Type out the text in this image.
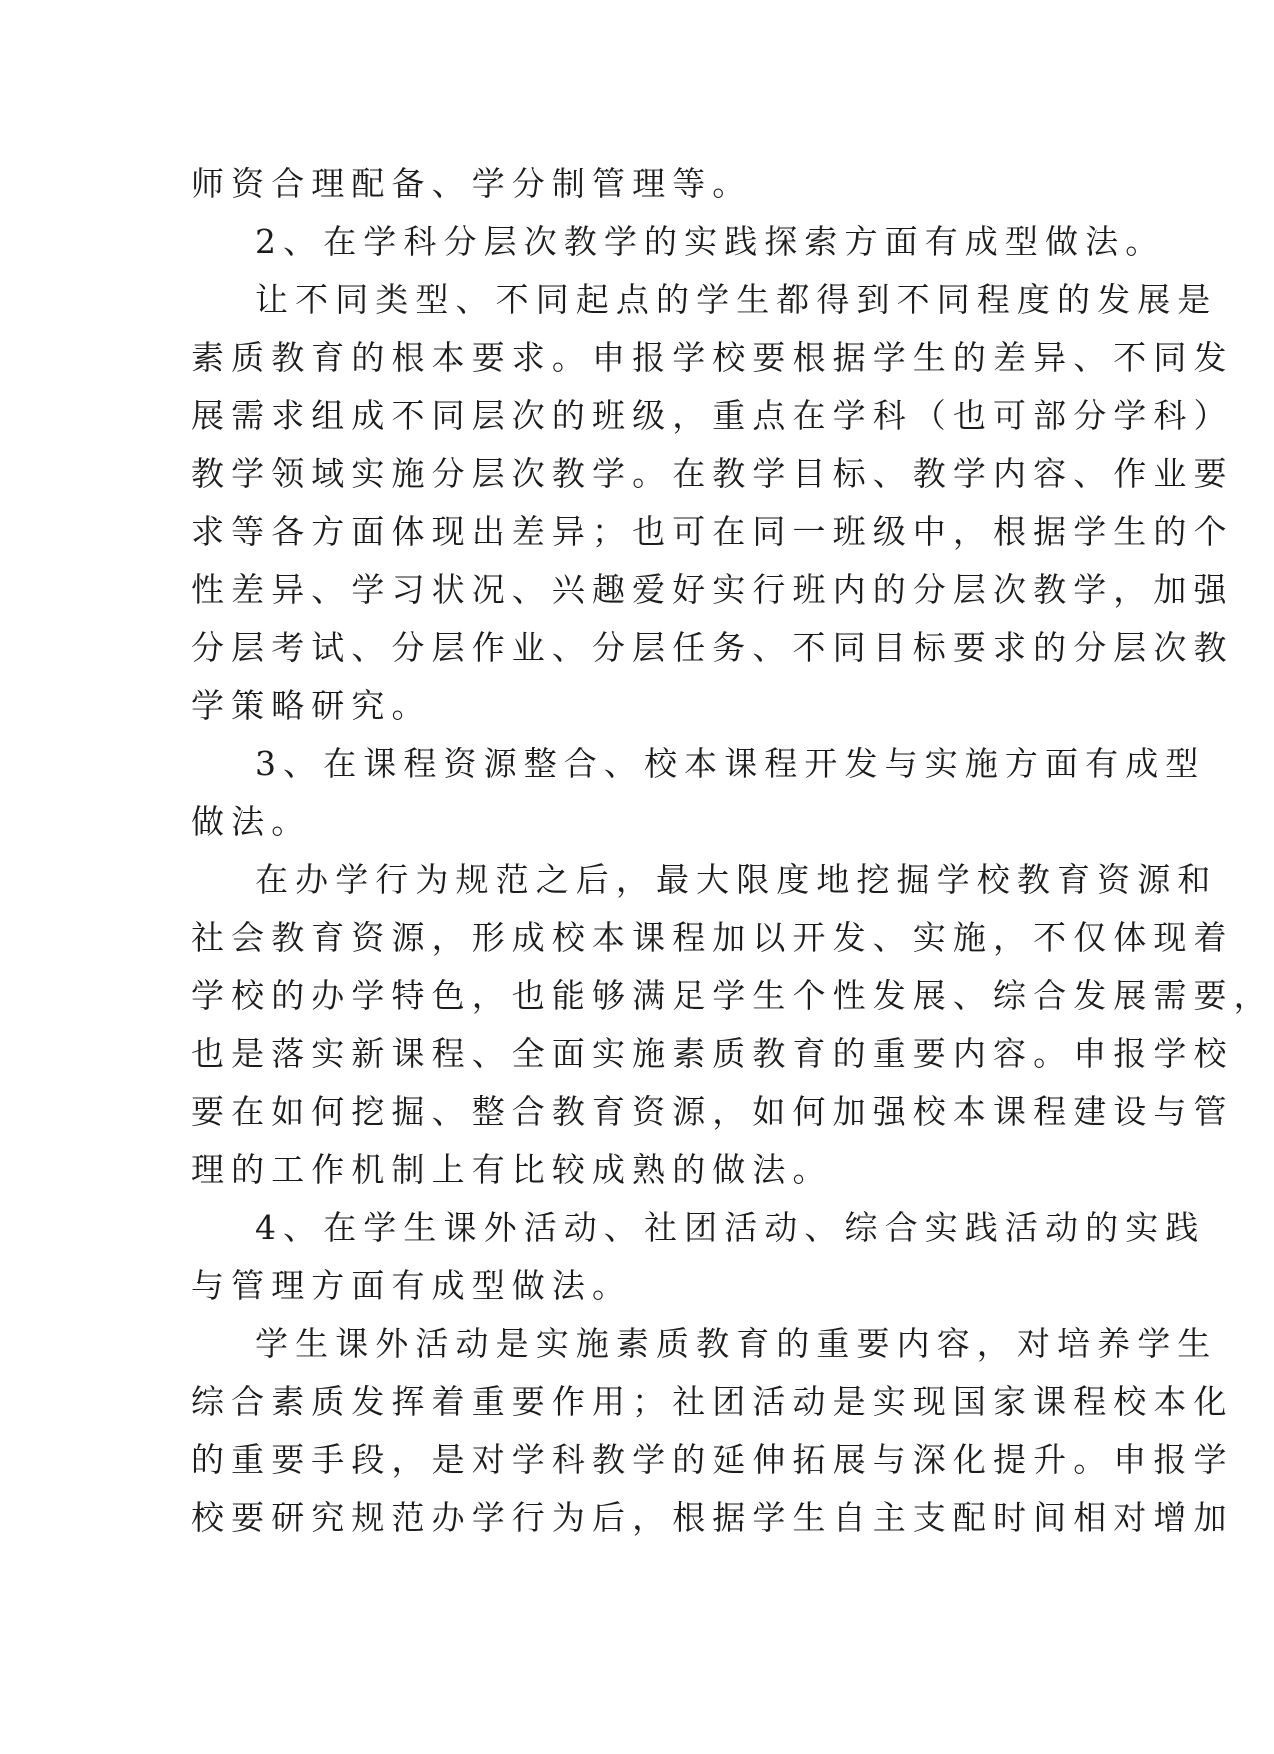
师资合理配备、学分制管理等。
2、在学科分层次教学的实践探索方面有成型做法。
让不同类型、不同起点的学生都得到不同程度的发展是
素质教育的根本要求。申报学校要根据学生的差异、不同发
展需求组成不同层次的班级，重点在学科（也可部分学科）
教学领域实施分层次教学。在教学目标、教学内容、作业要
求等各方面体现出差异；也可在同一班级中，根据学生的个
性差异、学习状况、兴趣爱好实行班内的分层次教学，加强
分层考试、分层作业、分层任务、不同目标要求的分层次教
学策略研究。
3、在课程资源整合、校本课程开发与实施方面有成型
做法。
在办学行为规范之后，最大限度地挖掘学校教育资源和
社会教育资源，形成校本课程加以开发、实施，不仅体现着
学校的办学特色，也能够满足学生个性发展、综合发展需要，
也是落实新课程、全面实施素质教育的重要内容。申报学校
要在如何挖掘、整合教育资源，如何加强校本课程建设与管
理的工作机制上有比较成熟的做法。
4、在学生课外活动、社团活动、综合实践活动的实践
与管理方面有成型做法。
学生课外活动是实施素质教育的重要内容，对培养学生
综合素质发挥着重要作用；社团活动是实现国家课程校本化
的重要手段，是对学科教学的延伸拓展与深化提升。申报学
校要研究规范办学行为后，根据学生自主支配时间相对增加
